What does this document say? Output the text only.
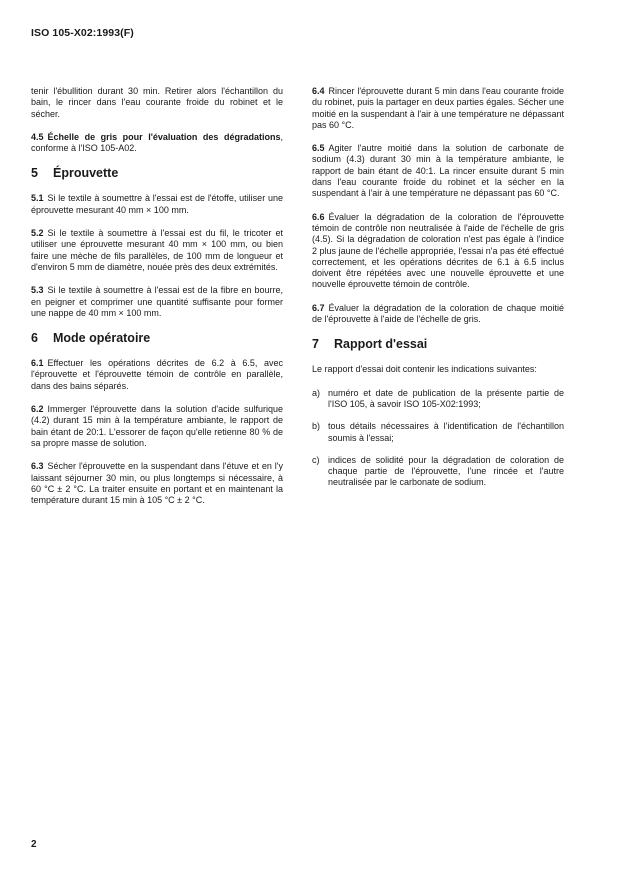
ISO 105-X02:1993(F)

tenir l'ébullition durant 30 min. Retirer alors l'échantillon du bain, le rincer dans l'eau courante froide du robinet et le sécher.

4.5 Échelle de gris pour l'évaluation des dégradations, conforme à l'ISO 105-A02.

5 Éprouvette

5.1 Si le textile à soumettre à l'essai est de l'étoffe, utiliser une éprouvette mesurant 40 mm × 100 mm.

5.2 Si le textile à soumettre à l'essai est du fil, le tricoter et utiliser une éprouvette mesurant 40 mm × 100 mm, ou bien faire une mèche de fils parallèles, de 100 mm de longueur et d'environ 5 mm de diamètre, nouée près des deux extrémités.

5.3 Si le textile à soumettre à l'essai est de la fibre en bourre, en peigner et comprimer une quantité suffisante pour former une nappe de 40 mm × 100 mm.

6 Mode opératoire

6.1 Effectuer les opérations décrites de 6.2 à 6.5, avec l'éprouvette et l'éprouvette témoin de contrôle en parallèle, dans des bains séparés.

6.2 Immerger l'éprouvette dans la solution d'acide sulfurique (4.2) durant 15 min à la température ambiante, le rapport de bain étant de 20:1. L'essorer de façon qu'elle retienne 80 % de sa propre masse de solution.

6.3 Sécher l'éprouvette en la suspendant dans l'étuve et en l'y laissant séjourner 30 min, ou plus longtemps si nécessaire, à 60 °C ± 2 °C. La traiter ensuite en portant et en maintenant la température durant 15 min à 105 °C ± 2 °C.

6.4 Rincer l'éprouvette durant 5 min dans l'eau courante froide du robinet, puis la partager en deux parties égales. Sécher une moitié en la suspendant à l'air à une température ne dépassant pas 60 °C.

6.5 Agiter l'autre moitié dans la solution de carbonate de sodium (4.3) durant 30 min à la température ambiante, le rapport de bain étant de 40:1. La rincer ensuite durant 5 min dans l'eau courante froide du robinet et la sécher en la suspendant à l'air à une température ne dépassant pas 60 °C.

6.6 Évaluer la dégradation de la coloration de l'éprouvette témoin de contrôle non neutralisée à l'aide de l'échelle de gris (4.5). Si la dégradation de coloration n'est pas égale à l'indice 2 plus jaune de l'échelle appropriée, l'essai n'a pas été effectué correctement, et les opérations décrites de 6.1 à 6.5 inclus doivent être répétées avec une nouvelle éprouvette et une nouvelle éprouvette témoin de contrôle.

6.7 Évaluer la dégradation de la coloration de chaque moitié de l'éprouvette à l'aide de l'échelle de gris.

7 Rapport d'essai

Le rapport d'essai doit contenir les indications suivantes:

a) numéro et date de publication de la présente partie de l'ISO 105, à savoir ISO 105-X02:1993;
b) tous détails nécessaires à l'identification de l'échantillon soumis à l'essai;
c) indices de solidité pour la dégradation de coloration de chaque partie de l'éprouvette, l'une rincée et l'autre neutralisée par le carbonate de sodium.
2
